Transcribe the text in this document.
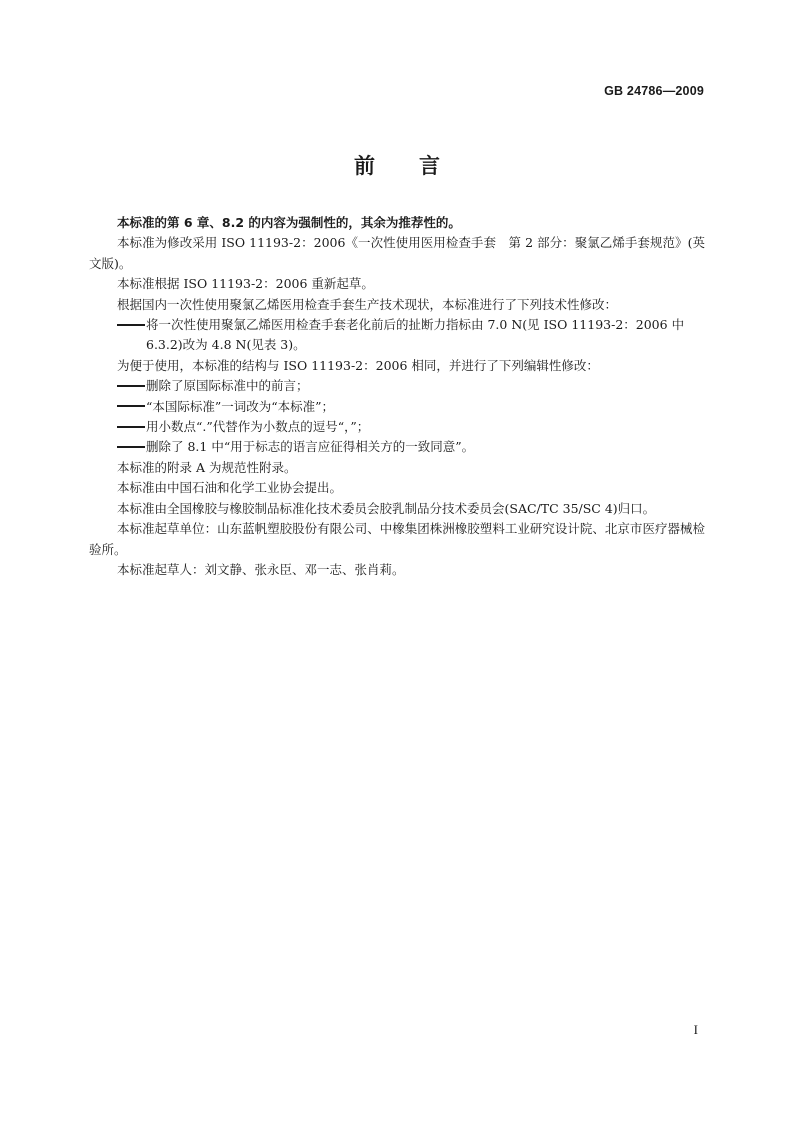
GB 24786—2009
前 言

本标准的第 6 章、8.2 的内容为强制性的，其余为推荐性的。

本标准为修改采用 ISO 11193-2：2006《一次性使用医用检查手套　第 2 部分：聚氯乙烯手套规范》(英文版)。

本标准根据 ISO 11193-2：2006 重新起草。

根据国内一次性使用聚氯乙烯医用检查手套生产技术现状，本标准进行了下列技术性修改：

将一次性使用聚氯乙烯医用检查手套老化前后的扯断力指标由 7.0 N(见 ISO 11193-2：2006 中 6.3.2)改为 4.8 N(见表 3)。

为便于使用，本标准的结构与 ISO 11193-2：2006 相同，并进行了下列编辑性修改：

删除了原国际标准中的前言；

“本国际标准”一词改为“本标准”；

用小数点“.”代替作为小数点的逗号“，”；

删除了 8.1 中“用于标志的语言应征得相关方的一致同意”。

本标准的附录 A 为规范性附录。

本标准由中国石油和化学工业协会提出。

本标准由全国橡胶与橡胶制品标准化技术委员会胶乳制品分技术委员会(SAC/TC 35/SC 4)归口。

本标准起草单位：山东蓝帆塑胶股份有限公司、中橡集团株洲橡胶塑料工业研究设计院、北京市医疗器械检验所。

本标准起草人：刘文静、张永臣、邓一志、张肖莉。

I
